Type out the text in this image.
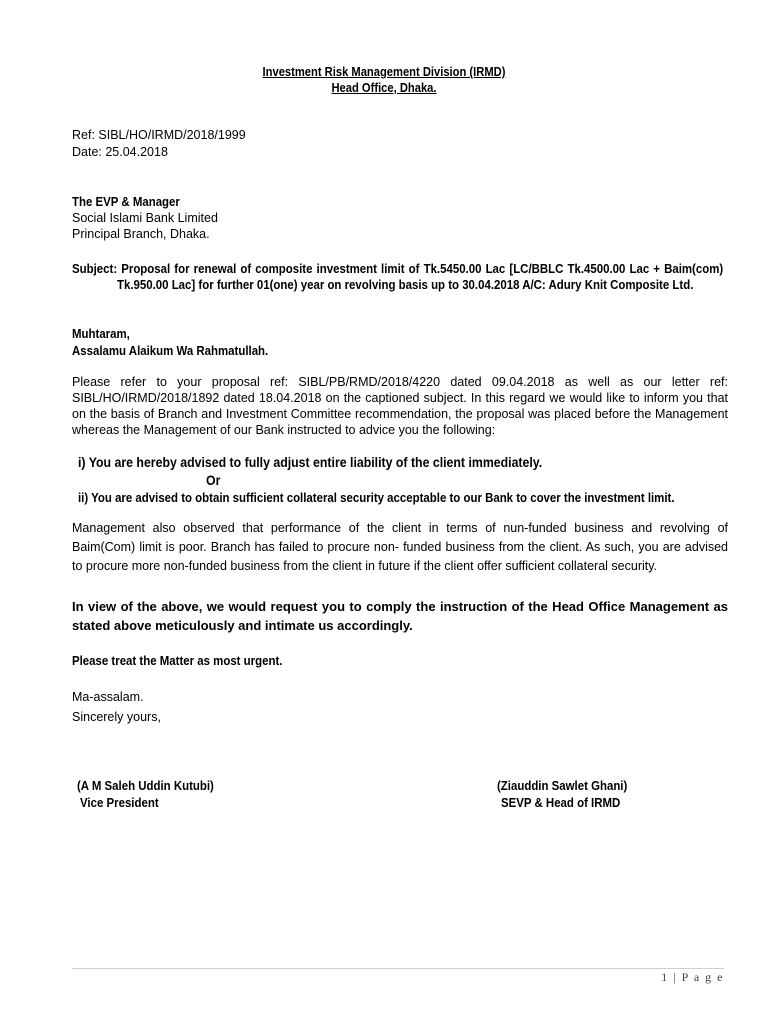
Investment Risk Management Division (IRMD)
Head Office, Dhaka.
Ref: SIBL/HO/IRMD/2018/1999
Date: 25.04.2018
The EVP & Manager
Social Islami Bank Limited
Principal Branch, Dhaka.
Subject: Proposal for renewal of composite investment limit of Tk.5450.00 Lac [LC/BBLC Tk.4500.00 Lac + Baim(com)
Tk.950.00 Lac] for further 01(one) year on revolving basis up to 30.04.2018 A/C: Adury Knit Composite Ltd.
Muhtaram,
Assalamu Alaikum Wa Rahmatullah.
Please refer to your proposal ref: SIBL/PB/RMD/2018/4220 dated 09.04.2018 as well as our letter ref: SIBL/HO/IRMD/2018/1892 dated 18.04.2018 on the captioned subject. In this regard we would like to inform you that on the basis of Branch and Investment Committee recommendation, the proposal was placed before the Management whereas the Management of our Bank instructed to advice you the following:
i) You are hereby advised to fully adjust entire liability of the client immediately.
Or
ii) You are advised to obtain sufficient collateral security acceptable to our Bank to cover the investment limit.
Management also observed that performance of the client in terms of nun-funded business and revolving of Baim(Com) limit is poor. Branch has failed to procure non- funded business from the client. As such, you are advised to procure more non-funded business from the client in future if the client offer sufficient collateral security.
In view of the above, we would request you to comply the instruction of the Head Office Management as stated above meticulously and intimate us accordingly.
Please treat the Matter as most urgent.
Ma-assalam.
Sincerely yours,
(A M Saleh Uddin Kutubi)
Vice President
(Ziauddin Sawlet Ghani)
SEVP & Head of IRMD
1 | P a g e
